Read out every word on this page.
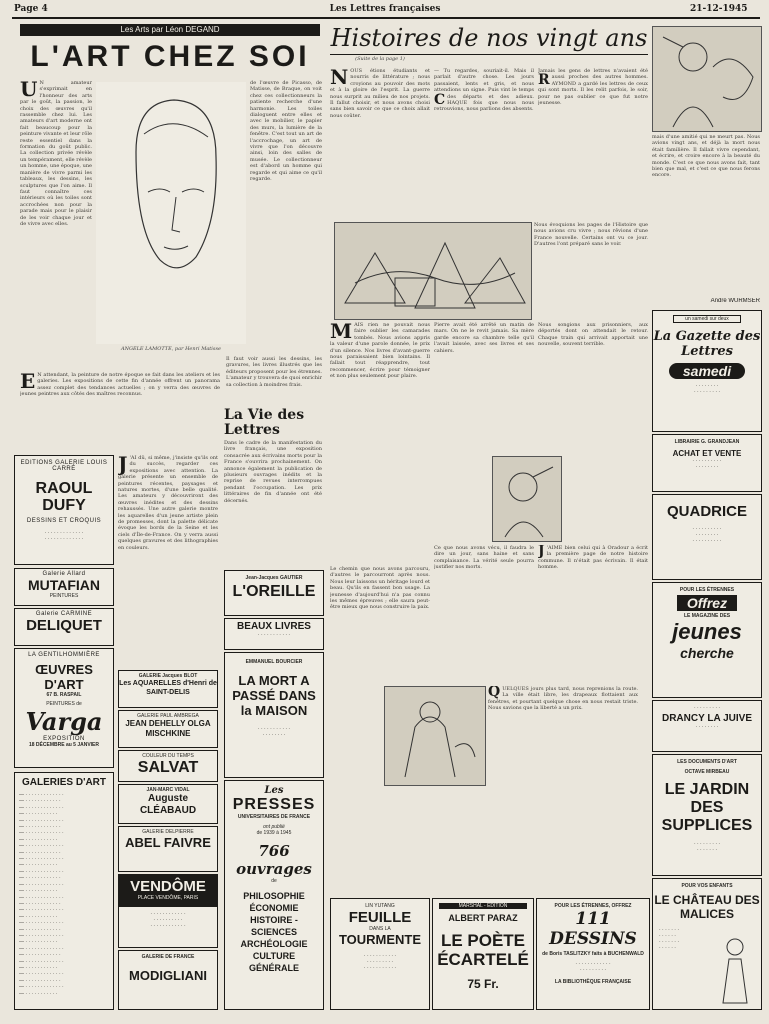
Page 4	Les Lettres françaises	21-12-1945
Les Arts par Léon DEGAND
L'ART CHEZ SOI
U N amateur s'exprimait en l'honneur des arts par le goût, la passion, le choix des œuvres qu'il rassemble chez lui. Les amateurs d'art moderne ont fait beaucoup pour la peinture vivante et leur rôle reste essentiel dans la formation du goût public. La collection privée révèle un tempérament, elle révèle un homme, une époque, une manière de vivre parmi les tableaux, les dessins, les sculptures que l'on aime. Il faut connaître ces intérieurs où les toiles sont accrochées non pour la parade mais pour le plaisir de les voir chaque jour et de vivre avec elles.
ANGÈLE LAMOTTE, par Henri Matisse
de l'œuvre de Picasso, de Matisse, de Braque, on voit chez ces collectionneurs la patiente recherche d'une harmonie. Les toiles dialoguent entre elles et avec le mobilier, le papier des murs, la lumière de la fenêtre. C'est tout un art de l'accrochage, un art de vivre que l'on découvre ainsi, loin des salles de musée. Le collectionneur est d'abord un homme qui regarde et qui aime ce qu'il regarde.
E N attendant, la peinture de notre époque se fait dans les ateliers et les galeries. Les expositions de cette fin d'année offrent un panorama assez complet des tendances actuelles ; on y verra des œuvres de jeunes peintres aux côtés des maîtres reconnus.
Il faut voir aussi les dessins, les gravures, les livres illustrés que les éditeurs proposent pour les étrennes. L'amateur y trouvera de quoi enrichir sa collection à moindres frais.
EDITIONS GALERIE LOUIS CARRÉ
RAOUL DUFY
DESSINS ET CROQUIS
· · · · · · · · · · · · ·
· · · · · · · · · · · · ·
Galerie Allard
MUTAFIAN
PEINTURES
Galerie CARMINE
DELIQUET
LA GENTILHOMMIÈRE
ŒUVRES D'ART
67 B. RASPAIL
PEINTURES de
Varga
EXPOSITION
18 DÉCEMBRE au 5 JANVIER
GALERIES D'ART
— · · · · · · · · · · · · ·
— · · · · · · · · · · · ·
— · · · · · · · · · · · · ·
— · · · · · · · · · · ·
— · · · · · · · · · · · · ·
— · · · · · · · · · · · ·
— · · · · · · · · · · · · ·
— · · · · · · · · · · ·
— · · · · · · · · · · · · ·
— · · · · · · · · · · · ·
— · · · · · · · · · · · · ·
— · · · · · · · · · · ·
— · · · · · · · · · · · · ·
— · · · · · · · · · · · ·
— · · · · · · · · · · · · ·
— · · · · · · · · · · ·
— · · · · · · · · · · · · ·
— · · · · · · · · · · · ·
— · · · · · · · · · · · · ·
— · · · · · · · · · · ·
— · · · · · · · · · · · · ·
— · · · · · · · · · · · ·
— · · · · · · · · · · · · ·
— · · · · · · · · · · ·
— · · · · · · · · · · · · ·
— · · · · · · · · · · · ·
— · · · · · · · · · · · · ·
— · · · · · · · · · · ·
— · · · · · · · · · · · · ·
— · · · · · · · · · · · ·
— · · · · · · · · · · · · ·
— · · · · · · · · · · ·
J 'AI dû, si même, j'insiste qu'ils ont du succès, regarder ces expositions avec attention. La galerie présente un ensemble de peintures récentes, paysages et natures mortes, d'une belle qualité. Les amateurs y découvriront des œuvres inédites et des dessins rehaussés. Une autre galerie montre les aquarelles d'un jeune artiste plein de promesses, dont la palette délicate évoque les bords de la Seine et les ciels d'Île-de-France. On y verra aussi quelques gravures et des lithographies en couleurs.
GALERIE Jacques BLOT
Les AQUARELLES d'Henri de SAINT-DELIS
GALERIE PAUL AMBREGA
JEAN DEHELLY OLGA MISCHKINE
COULEUR DU TEMPS
SALVAT
JAN-MARC VIDAL
Auguste CLÉABAUD
GALERIE DELPIERRE
ABEL FAIVRE
VENDÔME
PLACE VENDÔME, PARIS
· · · · · · · · · · · ·
· · · · · · · · · ·
· · · · · · · · · · · ·
GALERIE DE FRANCE
MODIGLIANI
La Vie des Lettres
Dans le cadre de la manifestation du livre français, une exposition consacrée aux écrivains morts pour la France s'ouvrira prochainement. On annonce également la publication de plusieurs ouvrages inédits et la reprise de revues interrompues pendant l'occupation. Les prix littéraires de fin d'année ont été décernés.
Jean-Jacques GAUTIER
L'OREILLE
BEAUX LIVRES
· · · · · · · · · · ·
EMMANUEL BOURCIER
LA MORT A PASSÉ DANS la MAISON
· · · · · · · · · · ·
· · · · · · · ·
Les
PRESSES
UNIVERSITAIRES DE FRANCE
ont publié
de 1939 à 1945
766 ouvrages
de
PHILOSOPHIE ÉCONOMIE HISTOIRE - SCIENCES ARCHÉOLOGIE CULTURE GÉNÉRALE
Histoires de nos vingt ans
(Suite de la page 1)
NOUS étions étudiants et nourris de littérature ; nous croyions au pouvoir des mots et à la gloire de l'esprit. La guerre nous surprit au milieu de nos projets. Il fallut choisir, et nous avons choisi sans bien savoir ce que ce choix allait nous coûter.
— Tu regardes, souriait-il. Mais il parlait d'autre chose. Les jours passaient, lents et gris, et nous attendions un signe. Puis vint le temps des départs et des adieux.
C HAQUE fois que nous nous retrouvions, nous parlions des absents.
Jamais les gens de lettres n'avaient été aussi proches des autres hommes.
R AYMOND a gardé les lettres de ceux qui sont morts. Il les relit parfois, le soir, pour ne pas oublier ce que fut notre jeunesse.
Nous évoquions les pages de l'Histoire que nous avions cru vivre ; nous rêvions d'une France nouvelle. Certains ont vu ce jour. D'autres l'ont préparé sans le voir.
MAIS rien ne pouvait nous faire oublier les camarades tombés. Nous avions appris la valeur d'une parole donnée, le prix d'un silence. Nos livres d'avant-guerre nous paraissaient bien lointains. Il fallait tout réapprendre, tout recommencer, écrire pour témoigner et non plus seulement pour plaire.
Pierre avait été arrêté un matin de mars. On ne le revit jamais. Sa mère garde encore sa chambre telle qu'il l'avait laissée, avec ses livres et ses cahiers.
Nous songions aux prisonniers, aux déportés dont on attendait le retour. Chaque train qui arrivait apportait une nouvelle, souvent terrible.
Ce que nous avons vécu, il faudra le dire un jour, sans haine et sans complaisance. La vérité seule pourra justifier nos morts.
J 'AIME bien celui qui à Oradour a écrit la première page de notre histoire commune. Il n'était pas écrivain. Il était homme.
Le chemin que nous avons parcouru, d'autres le parcourront après nous. Nous leur laissons un héritage lourd et beau. Qu'ils en fassent bon usage. La jeunesse d'aujourd'hui n'a pas connu les mêmes épreuves ; elle saura peut-être mieux que nous construire la paix.
QUELQUES jours plus tard, nous reprenions la route. La ville était libre, les drapeaux flottaient aux fenêtres, et pourtant quelque chose en nous restait triste. Nous savions que la liberté a un prix.
LIN YUTANG
FEUILLE
DANS LA
TOURMENTE
· · · · · · · · · · ·
· · · · · · · · ·
· · · · · · · · · · ·
MARSHAL - ÉDITION
ALBERT PARAZ
LE POÈTE ÉCARTELÉ
75 Fr.
POUR LES ÉTRENNES, OFFREZ
111 DESSINS
de Boris TASLITZKY faits à BUCHENWALD
· · · · · · · · · · · ·
· · · · · · · · ·
LA BIBLIOTHÈQUE FRANÇAISE
mais d'une amitié qui ne meurt pas. Nous avions vingt ans, et déjà la mort nous était familière. Il fallait vivre cependant, et écrire, et croire encore à la beauté du monde. C'est ce que nous avons fait, tant bien que mal, et c'est ce que nous ferons encore.
André WURMSER
un samedi sur deux
La Gazette des Lettres
samedi
· · · · · · · ·
· · · · · · · · ·
LIBRAIRIE G. GRANDJEAN
ACHAT ET VENTE
· · · · · · · · · ·
· · · · · · · ·
QUADRICE
· · · · · · · · · ·
· · · · · · · ·
· · · · · · · · · ·
POUR LES ÉTRENNES
Offrez
LE MAGAZINE DES
jeunes
cherche
· · · · · · · · ·
DRANCY LA JUIVE
· · · · · · · ·
LES DOCUMENTS D'ART
OCTAVE MIRBEAU
LE JARDIN DES SUPPLICES
· · · · · · · · ·
· · · · · · ·
POUR VOS ENFANTS
LE CHÂTEAU DES MALICES
· · · · · · ·
· · · · · ·
· · · · · · ·
· · · · · ·
